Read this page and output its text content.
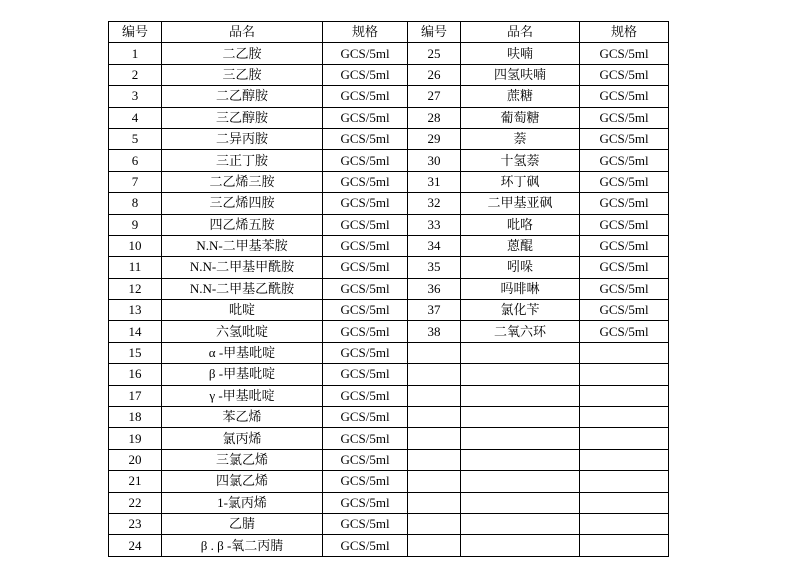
编号	品名	规格	编号	品名	规格
1	二乙胺	GCS/5ml	25	呋喃	GCS/5ml
2	三乙胺	GCS/5ml	26	四氢呋喃	GCS/5ml
3	二乙醇胺	GCS/5ml	27	蔗糖	GCS/5ml
4	三乙醇胺	GCS/5ml	28	葡萄糖	GCS/5ml
5	二异丙胺	GCS/5ml	29	萘	GCS/5ml
6	三正丁胺	GCS/5ml	30	十氢萘	GCS/5ml
7	二乙烯三胺	GCS/5ml	31	环丁砜	GCS/5ml
8	三乙烯四胺	GCS/5ml	32	二甲基亚砜	GCS/5ml
9	四乙烯五胺	GCS/5ml	33	吡咯	GCS/5ml
10	N.N-二甲基苯胺	GCS/5ml	34	蒽醌	GCS/5ml
11	N.N-二甲基甲酰胺	GCS/5ml	35	吲哚	GCS/5ml
12	N.N-二甲基乙酰胺	GCS/5ml	36	吗啡啉	GCS/5ml
13	吡啶	GCS/5ml	37	氯化苄	GCS/5ml
14	六氢吡啶	GCS/5ml	38	二氧六环	GCS/5ml
15	α -甲基吡啶	GCS/5ml			
16	β -甲基吡啶	GCS/5ml			
17	γ -甲基吡啶	GCS/5ml			
18	苯乙烯	GCS/5ml			
19	氯丙烯	GCS/5ml			
20	三氯乙烯	GCS/5ml			
21	四氯乙烯	GCS/5ml			
22	1-氯丙烯	GCS/5ml			
23	乙腈	GCS/5ml			
24	β . β -氧二丙腈	GCS/5ml			
